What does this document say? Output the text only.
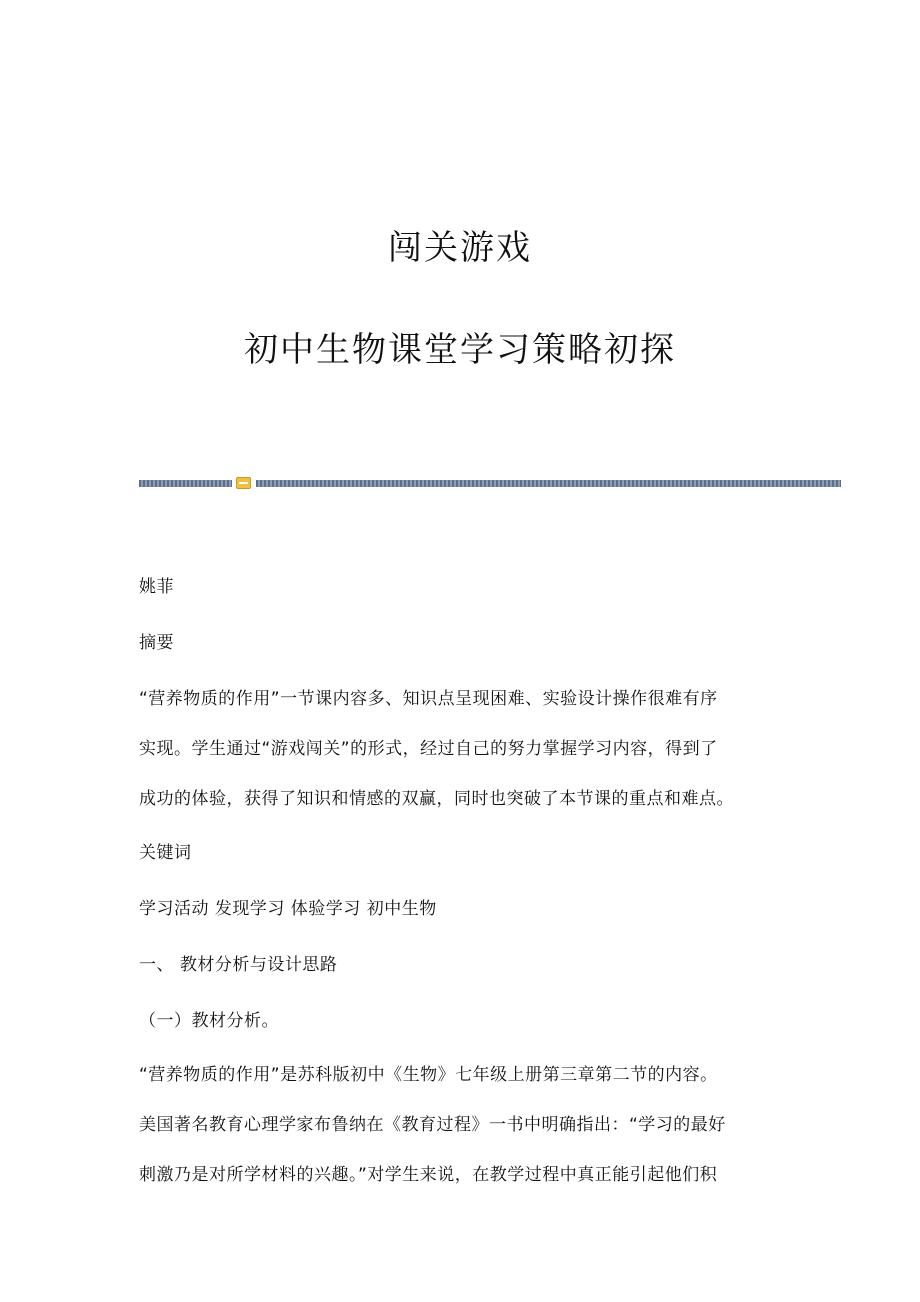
闯关游戏
初中生物课堂学习策略初探
姚菲
摘要
“营养物质的作用”一节课内容多、知识点呈现困难、实验设计操作很难有序
实现。学生通过“游戏闯关”的形式，经过自己的努力掌握学习内容，得到了
成功的体验，获得了知识和情感的双赢，同时也突破了本节课的重点和难点。
关键词
学习活动 发现学习 体验学习 初中生物
一、 教材分析与设计思路
（一）教材分析。
“营养物质的作用”是苏科版初中《生物》七年级上册第三章第二节的内容。
美国著名教育心理学家布鲁纳在《教育过程》一书中明确指出：“学习的最好
刺激乃是对所学材料的兴趣。”对学生来说，在教学过程中真正能引起他们积
